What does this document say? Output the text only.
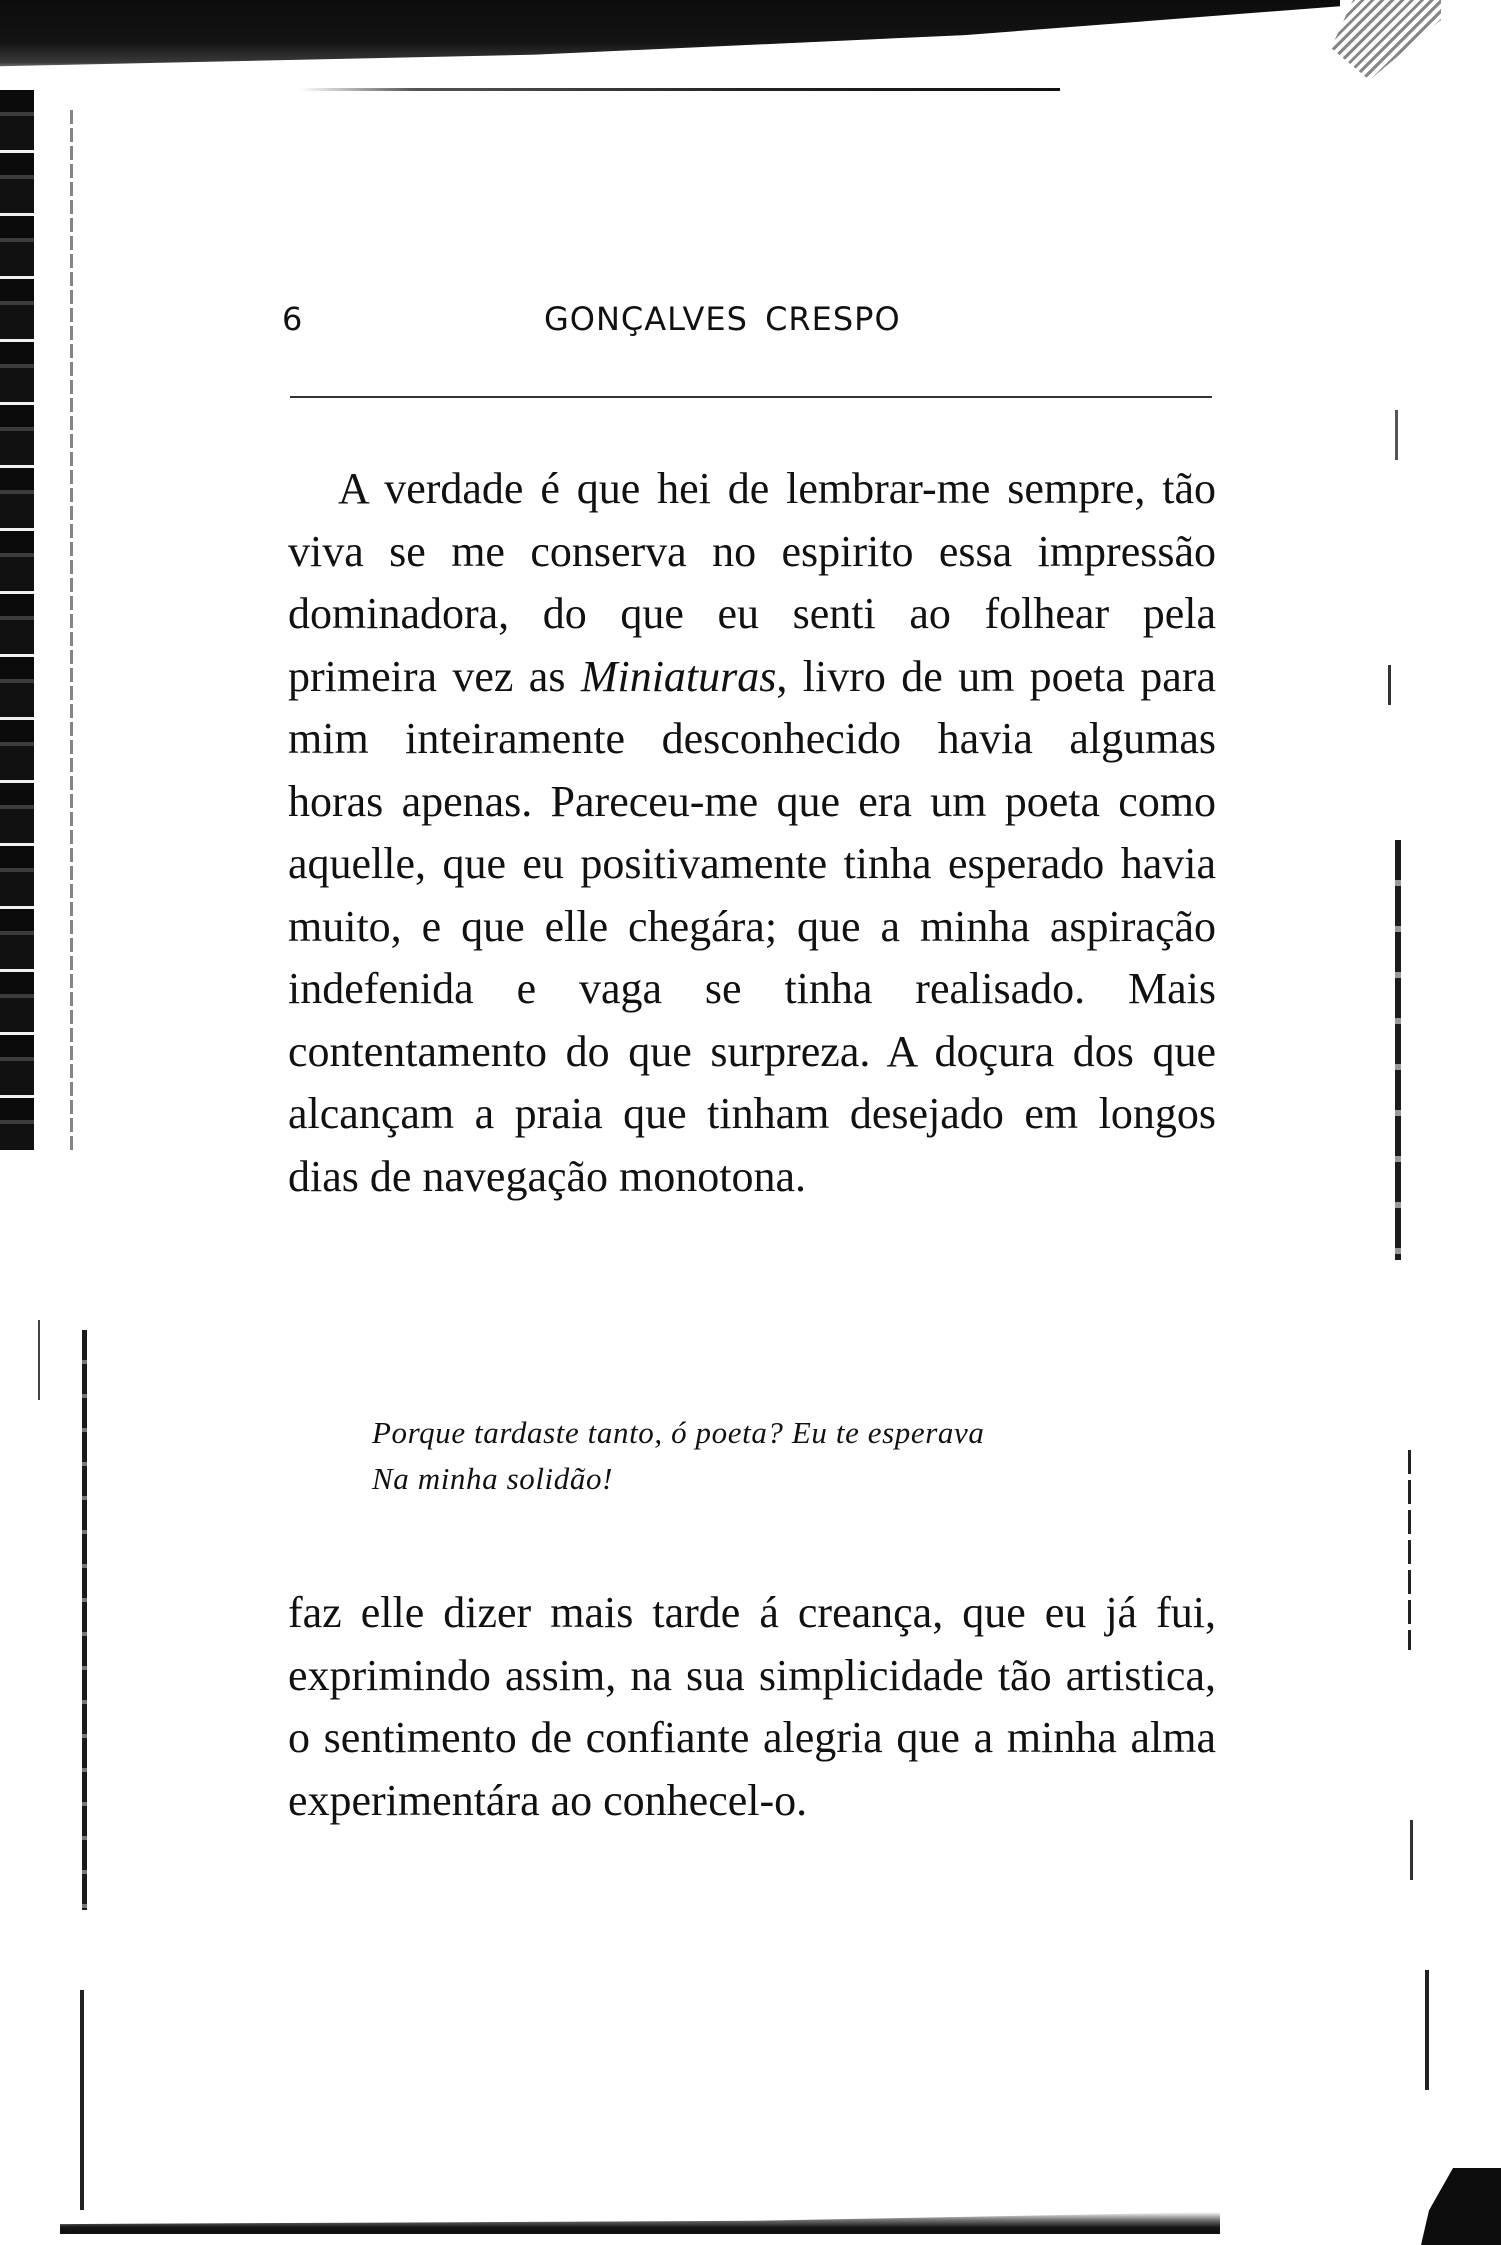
6	GONÇALVES CRESPO

A verdade é que hei de lembrar-me sempre, tão viva se me conserva no espirito essa impressão dominadora, do que eu senti ao folhear pela primeira vez as Miniaturas, livro de um poeta para mim inteiramente desconhecido havia algumas horas apenas. Pareceu-me que era um poeta como aquelle, que eu positivamente tinha esperado havia muito, e que elle chegára; que a minha aspiração indefenida e vaga se tinha realisado. Mais contentamento do que surpreza. A doçura dos que alcançam a praia que tinham desejado em longos dias de navegação monotona.

Porque tardaste tanto, ó poeta? Eu te esperava
Na minha solidão!

faz elle dizer mais tarde á creança, que eu já fui, exprimindo assim, na sua simplicidade tão artistica, o sentimento de confiante alegria que a minha alma experimentára ao conhecel-o.
